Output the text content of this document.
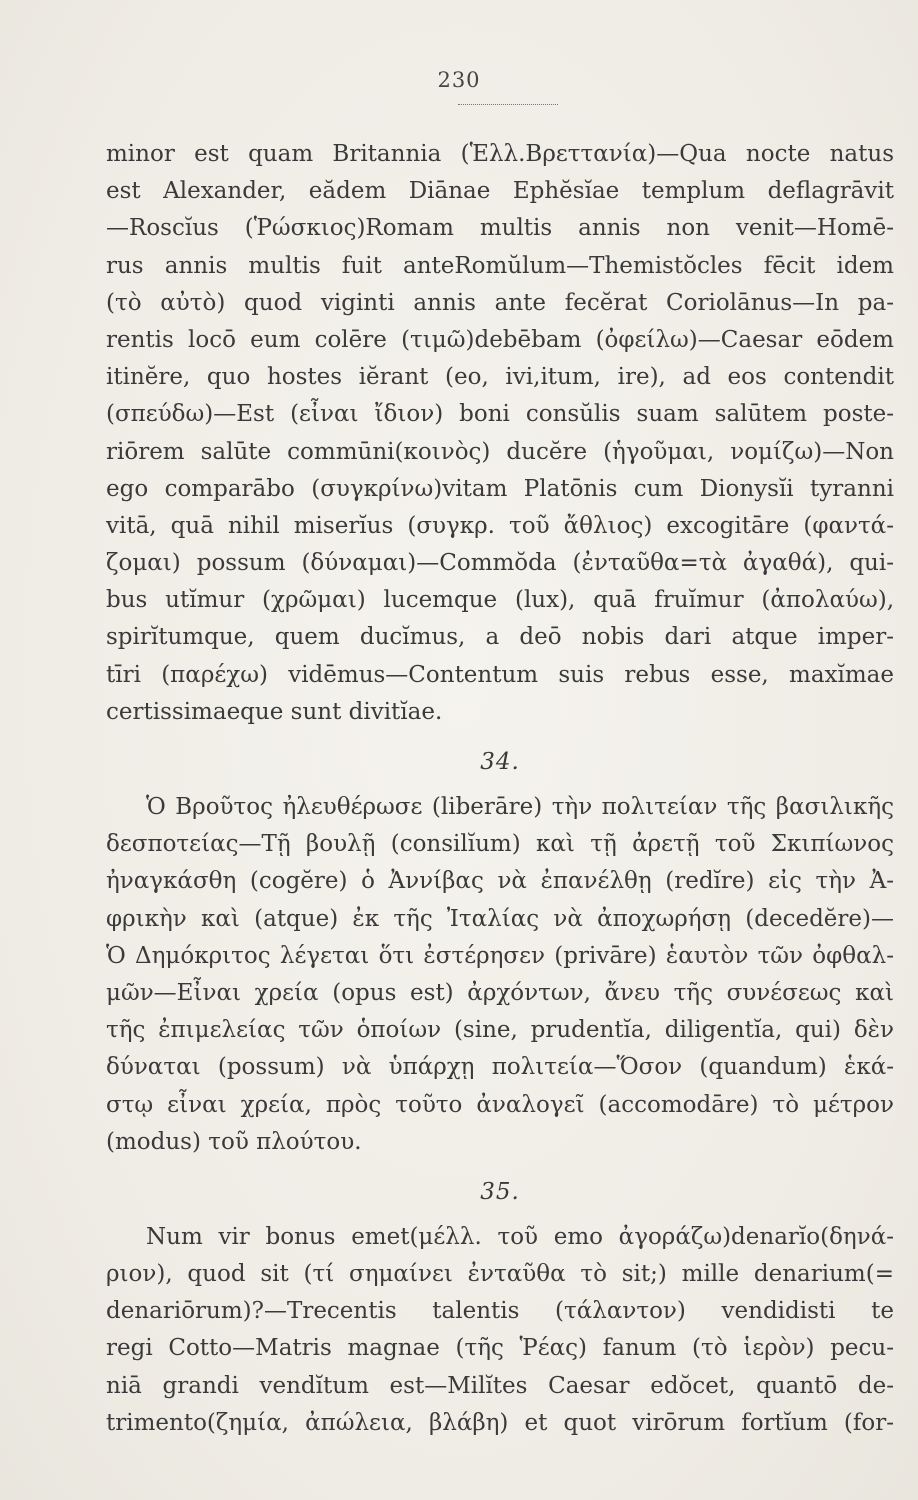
230
minor est quam Britannia (Ἑλλ.Βρεττανία)—Qua nocte natus
est Alexander, eădem Diānae Ephĕsĭae templum deflagrāvit
—Roscĭus (Ῥώσκιος)Romam multis annis non venit—Homē-
rus annis multis fuit anteRomŭlum—Themistŏcles fēcit idem
(τὸ αὐτὸ) quod viginti annis ante fecĕrat Coriolānus—In pa-
rentis locō eum colēre (τιμῶ)debēbam (ὀφείλω)—Caesar eōdem
itinĕre, quo hostes iĕrant (eo, ivi,itum, ire), ad eos contendit
(σπεύδω)—Est (εἶναι ἴδιον) boni consŭlis suam salūtem poste-
riōrem salūte commūni(κοινὸς) ducĕre (ἡγοῦμαι, νομίζω)—Non
ego comparābo (συγκρίνω)vitam Platōnis cum Dionysĭi tyranni
vitā, quā nihil miserĭus (συγκρ. τοῦ ἄθλιος) excogitāre (φαντά-
ζομαι) possum (δύναμαι)—Commŏda (ἐνταῦθα=τὰ ἀγαθά), qui-
bus utĭmur (χρῶμαι) lucemque (lux), quā fruĭmur (ἀπολαύω),
spirĭtumque, quem ducĭmus, a deō nobis dari atque imper-
tīri (παρέχω) vidēmus—Contentum suis rebus esse, maxĭmae
certissimaeque sunt divitĭae.
34.
Ὁ Βροῦτος ἠλευθέρωσε (liberāre) τὴν πολιτείαν τῆς βασιλικῆς
δεσποτείας—Τῇ βουλῇ (consilĭum) καὶ τῇ ἀρετῇ τοῦ Σκιπίωνος
ἠναγκάσθη (cogĕre) ὁ Ἀννίβας νὰ ἐπανέλθῃ (redĭre) εἰς τὴν Ἀ-
φρικὴν καὶ (atque) ἐκ τῆς Ἰταλίας νὰ ἀποχωρήσῃ (decedĕre)—
Ὁ Δημόκριτος λέγεται ὅτι ἐστέρησεν (privāre) ἑαυτὸν τῶν ὀφθαλ-
μῶν—Εἶναι χρεία (opus est) ἀρχόντων, ἄνευ τῆς συνέσεως καὶ
τῆς ἐπιμελείας τῶν ὁποίων (sine, prudentĭa, diligentĭa, qui) δὲν
δύναται (possum) νὰ ὑπάρχῃ πολιτεία—Ὅσον (quandum) ἑκά-
στῳ εἶναι χρεία, πρὸς τοῦτο ἀναλογεῖ (accomodāre) τὸ μέτρον
(modus) τοῦ πλούτου.
35.
Num vir bonus emet(μέλλ. τοῦ emo ἀγοράζω)denarĭo(δηνά-
ριον), quod sit (τί σημαίνει ἐνταῦθα τὸ sit;) mille denarium(=
denariōrum)?—Trecentis talentis (τάλαντον) vendidisti te
regi Cotto—Matris magnae (τῆς Ῥέας) fanum (τὸ ἱερὸν) pecu-
niā grandi vendĭtum est—Milĭtes Caesar edŏcet, quantō de-
trimento(ζημία, ἀπώλεια, βλάβη) et quot virōrum fortĭum (for-
